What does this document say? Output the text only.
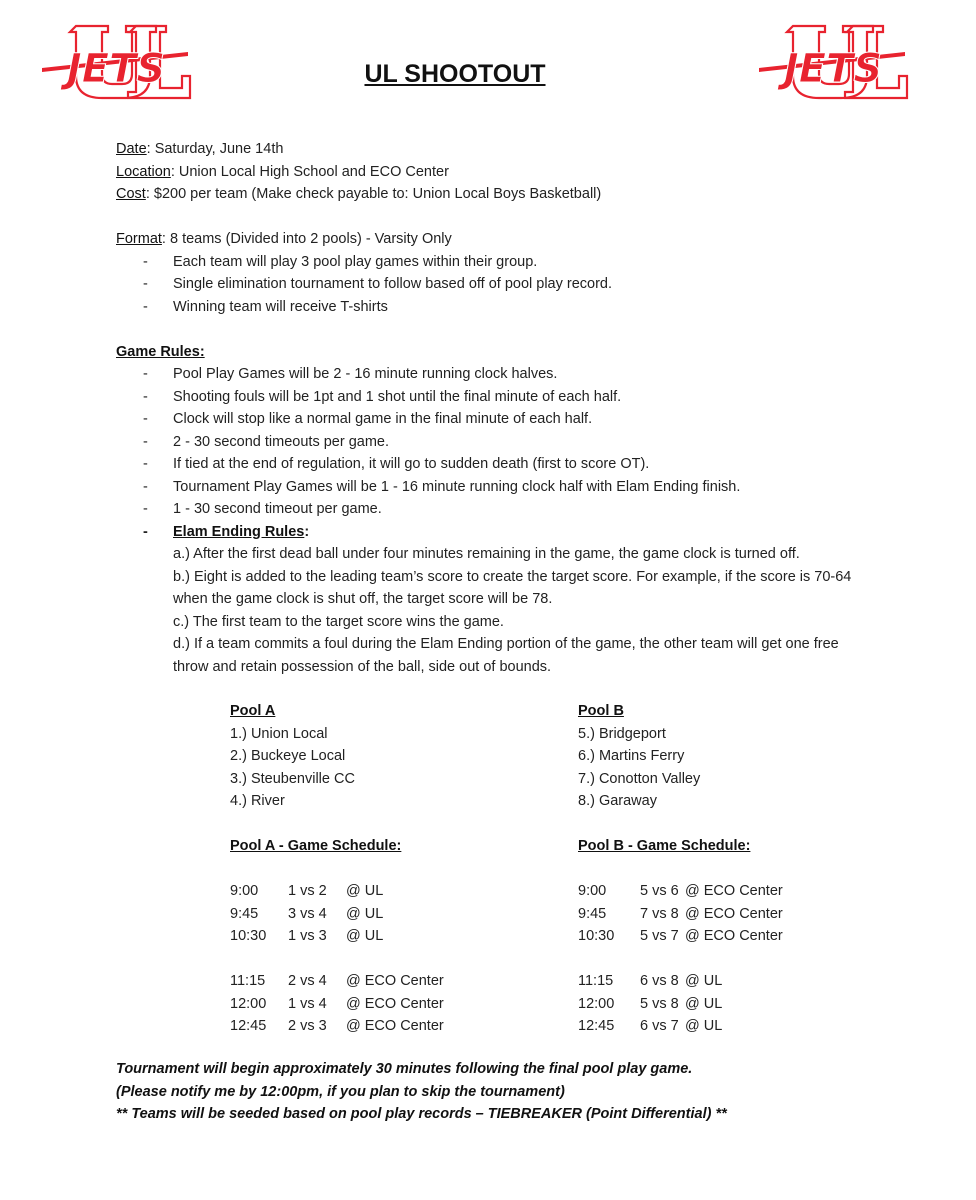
JETS	JETS
UL SHOOTOUT
Date: Saturday, June 14th
Location: Union Local High School and ECO Center
Cost: $200 per team (Make check payable to: Union Local Boys Basketball)
Format: 8 teams (Divided into 2 pools) - Varsity Only
- Each team will play 3 pool play games within their group.
- Single elimination tournament to follow based off of pool play record.
- Winning team will receive T-shirts
Game Rules:
- Pool Play Games will be 2 - 16 minute running clock halves.
- Shooting fouls will be 1pt and 1 shot until the final minute of each half.
- Clock will stop like a normal game in the final minute of each half.
- 2 - 30 second timeouts per game.
- If tied at the end of regulation, it will go to sudden death (first to score OT).
- Tournament Play Games will be 1 - 16 minute running clock half with Elam Ending finish.
- 1 - 30 second timeout per game.
- Elam Ending Rules:
a.) After the first dead ball under four minutes remaining in the game, the game clock is turned off.
b.) Eight is added to the leading team’s score to create the target score. For example, if the score is 70-64
when the game clock is shut off, the target score will be 78.
c.) The first team to the target score wins the game.
d.) If a team commits a foul during the Elam Ending portion of the game, the other team will get one free
throw and retain possession of the ball, side out of bounds.
Pool A
1.) Union Local
2.) Buckeye Local
3.) Steubenville CC
4.) River
Pool A - Game Schedule:
9:00 1 vs 2 @ UL
9:45 3 vs 4 @ UL
10:30 1 vs 3 @ UL
11:15 2 vs 4 @ ECO Center
12:00 1 vs 4 @ ECO Center
12:45 2 vs 3 @ ECO Center
Pool B
5.) Bridgeport
6.) Martins Ferry
7.) Conotton Valley
8.) Garaway
Pool B - Game Schedule:
9:00 5 vs 6 @ ECO Center
9:45 7 vs 8 @ ECO Center
10:30 5 vs 7 @ ECO Center
11:15 6 vs 8 @ UL
12:00 5 vs 8 @ UL
12:45 6 vs 7 @ UL
Tournament will begin approximately 30 minutes following the final pool play game.
(Please notify me by 12:00pm, if you plan to skip the tournament)
** Teams will be seeded based on pool play records – TIEBREAKER (Point Differential) **
